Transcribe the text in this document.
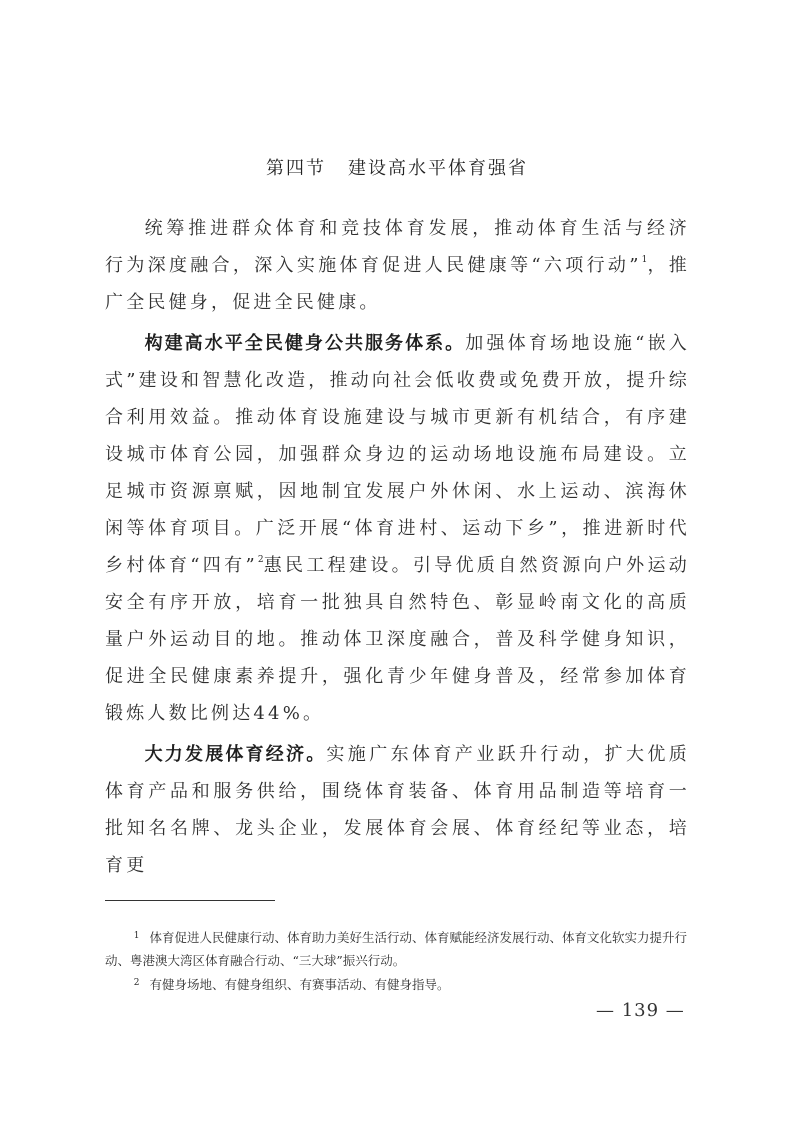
第四节 建设高水平体育强省

统筹推进群众体育和竞技体育发展，推动体育生活与经济行为深度融合，深入实施体育促进人民健康等“六项行动”$^1$，推广全民健身，促进全民健康。

构建高水平全民健身公共服务体系。加强体育场地设施“嵌入式”建设和智慧化改造，推动向社会低收费或免费开放，提升综合利用效益。推动体育设施建设与城市更新有机结合，有序建设城市体育公园，加强群众身边的运动场地设施布局建设。立足城市资源禀赋，因地制宜发展户外休闲、水上运动、滨海休闲等体育项目。广泛开展“体育进村、运动下乡”，推进新时代乡村体育“四有”$^2$惠民工程建设。引导优质自然资源向户外运动安全有序开放，培育一批独具自然特色、彰显岭南文化的高质量户外运动目的地。推动体卫深度融合，普及科学健身知识，促进全民健康素养提升，强化青少年健身普及，经常参加体育锻炼人数比例达44%。

大力发展体育经济。实施广东体育产业跃升行动，扩大优质体育产品和服务供给，围绕体育装备、体育用品制造等培育一批知名名牌、龙头企业，发展体育会展、体育经纪等业态，培育更

$^1$ 体育促进人民健康行动、体育助力美好生活行动、体育赋能经济发展行动、体育文化软实力提升行动、粤港澳大湾区体育融合行动、“三大球”振兴行动。

$^2$ 有健身场地、有健身组织、有赛事活动、有健身指导。

— 139 —
